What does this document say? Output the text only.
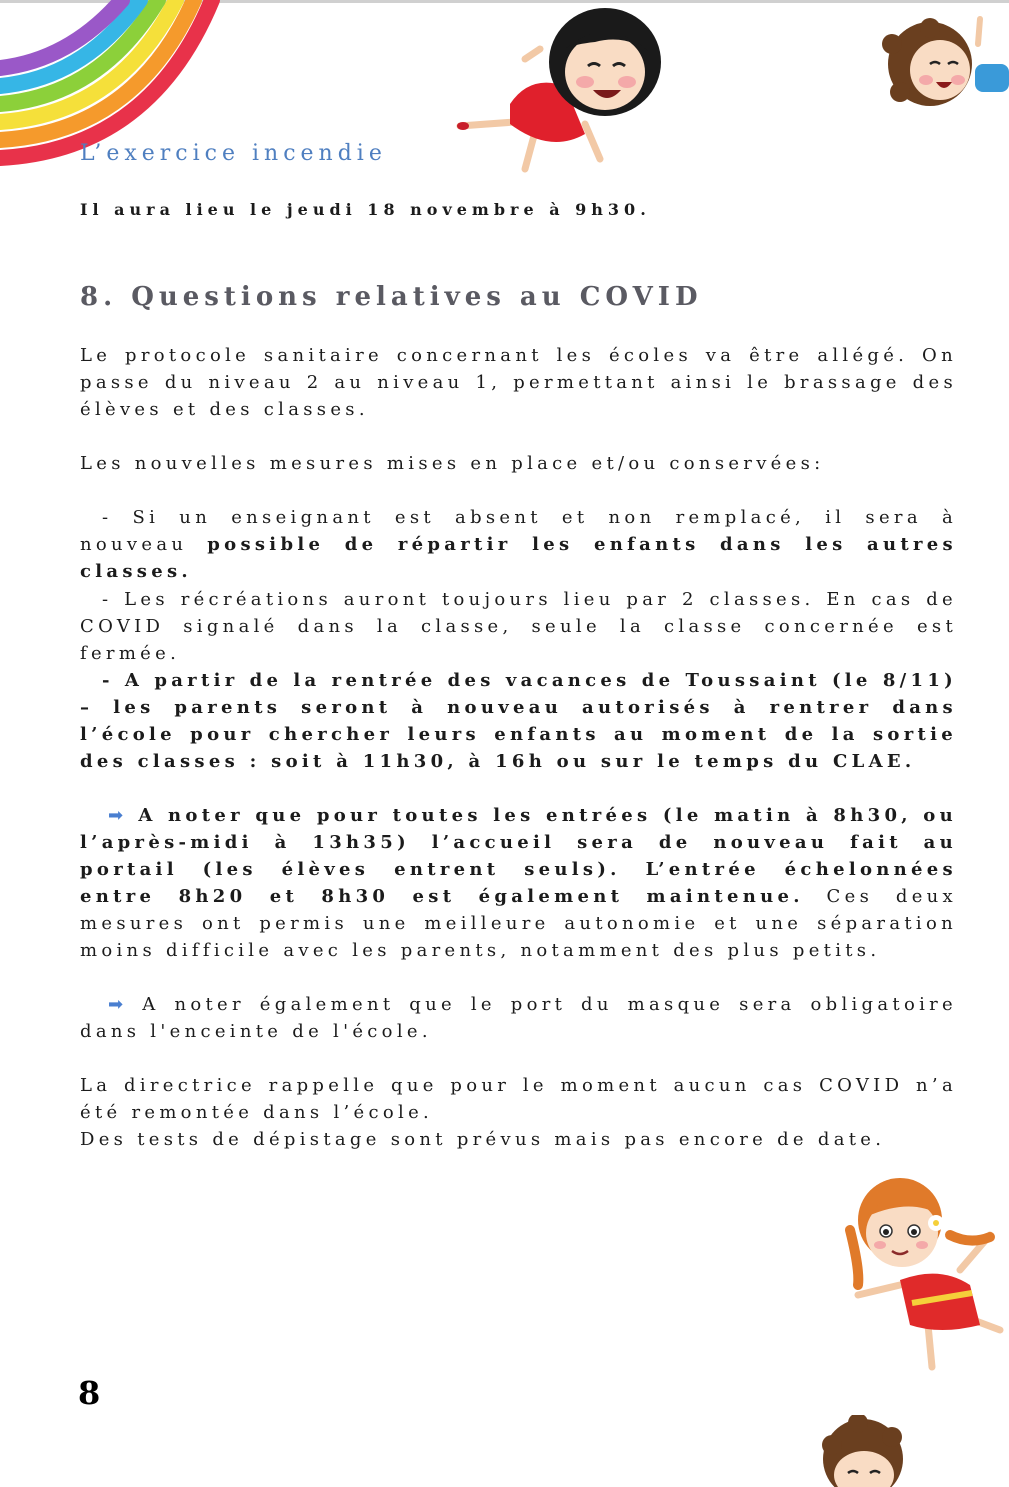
L’exercice incendie

Il aura lieu le jeudi 18 novembre à 9h30.

8. Questions relatives au COVID

Le protocole sanitaire concernant les écoles va être allégé. On passe du niveau 2 au niveau 1, permettant ainsi le brassage des élèves et des classes.

Les nouvelles mesures mises en place et/ou conservées:

- Si un enseignant est absent et non remplacé, il sera à nouveau possible de répartir les enfants dans les autres classes.

- Les récréations auront toujours lieu par 2 classes. En cas de COVID signalé dans la classe, seule la classe concernée est fermée.

- A partir de la rentrée des vacances de Toussaint (le 8/11) – les parents seront à nouveau autorisés à rentrer dans l’école pour chercher leurs enfants au moment de la sortie des classes : soit à 11h30, à 16h ou sur le temps du CLAE.

➡ A noter que pour toutes les entrées (le matin à 8h30, ou l’après-midi à 13h35) l’accueil sera de nouveau fait au portail (les élèves entrent seuls). L’entrée échelonnées entre 8h20 et 8h30 est également maintenue. Ces deux mesures ont permis une meilleure autonomie et une séparation moins difficile avec les parents, notamment des plus petits.

➡ A noter également que le port du masque sera obligatoire dans l'enceinte de l'école.

La directrice rappelle que pour le moment aucun cas COVID n’a été remontée dans l’école.

Des tests de dépistage sont prévus mais pas encore de date.

8
